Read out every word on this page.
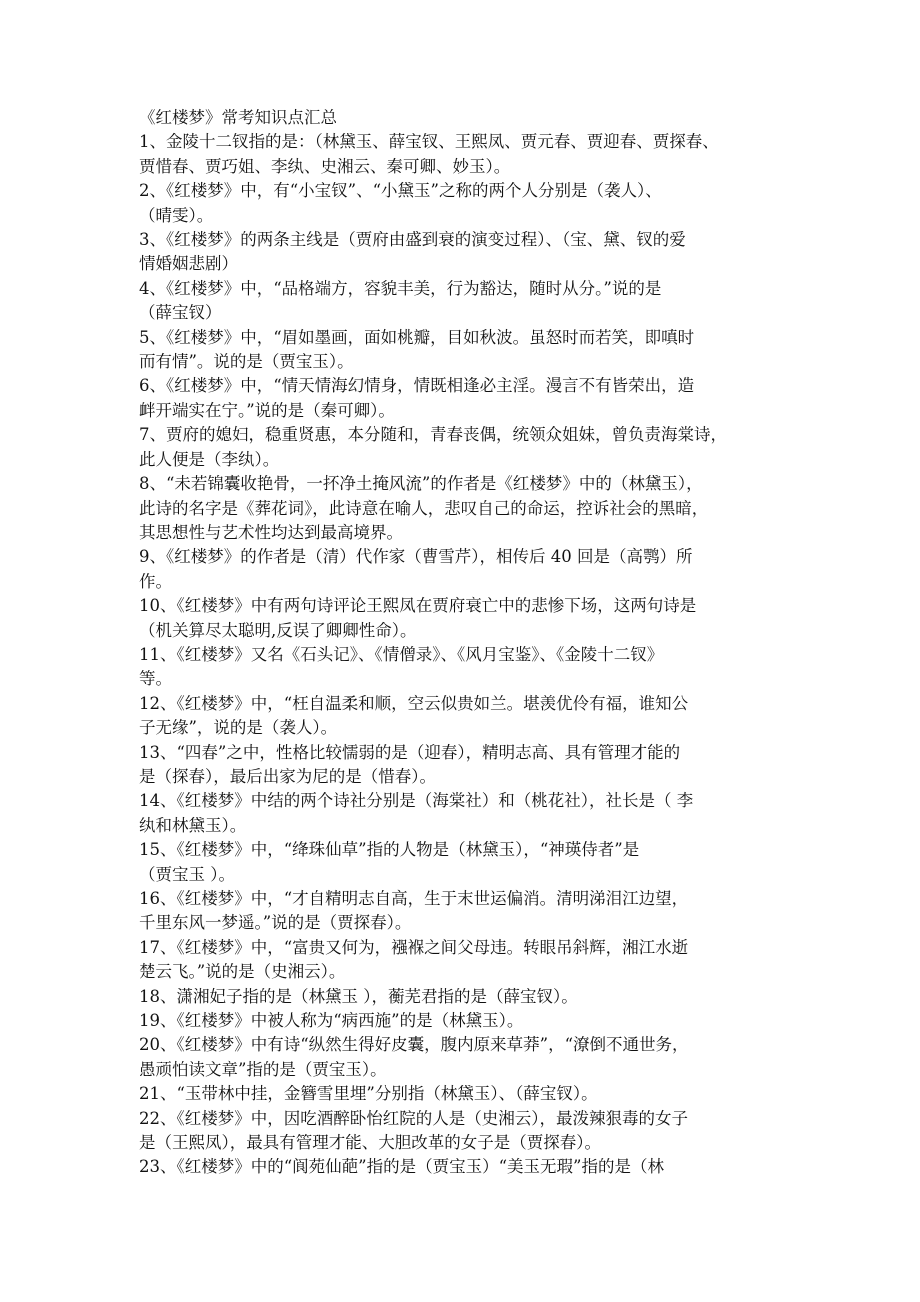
《红楼梦》常考知识点汇总

1、金陵十二钗指的是：（林黛玉、薛宝钗、王熙凤、贾元春、贾迎春、贾探春、
贾惜春、贾巧姐、李纨、史湘云、秦可卿、妙玉）。

2、《红楼梦》中，有“小宝钗”、“小黛玉”之称的两个人分别是（袭人）、
（晴雯）。

3、《红楼梦》的两条主线是（贾府由盛到衰的演变过程）、（宝、黛、钗的爱
情婚姻悲剧）

4、《红楼梦》中，“品格端方，容貌丰美，行为豁达，随时从分。”说的是
（薛宝钗）

5、《红楼梦》中，“眉如墨画，面如桃瓣，目如秋波。虽怒时而若笑，即嗔时
而有情”。说的是（贾宝玉）。

6、《红楼梦》中，“情天情海幻情身，情既相逢必主淫。漫言不有皆荣出，造
衅开端实在宁。”说的是（秦可卿）。

7、贾府的媳妇，稳重贤惠，本分随和，青春丧偶，统领众姐妹，曾负责海棠诗，
此人便是（李纨）。

8、“未若锦囊收艳骨，一抔净土掩风流”的作者是《红楼梦》中的（林黛玉），
此诗的名字是《葬花词》，此诗意在喻人，悲叹自己的命运，控诉社会的黑暗，
其思想性与艺术性均达到最高境界。

9、《红楼梦》的作者是（清）代作家（曹雪芹），相传后 40 回是（高鹗）所
作。

10、《红楼梦》中有两句诗评论王熙凤在贾府衰亡中的悲惨下场，这两句诗是
（机关算尽太聪明,反误了卿卿性命）。

11、《红楼梦》又名《石头记》、《情僧录》、《风月宝鉴》、《金陵十二钗》
等。

12、《红楼梦》中，“枉自温柔和顺，空云似贵如兰。堪羡优伶有福，谁知公
子无缘”，说的是（袭人）。

13、“四春”之中，性格比较懦弱的是（迎春），精明志高、具有管理才能的
是（探春），最后出家为尼的是（惜春）。

14、《红楼梦》中结的两个诗社分别是（海棠社）和（桃花社），社长是（ 李
纨和林黛玉）。

15、《红楼梦》中，“绛珠仙草”指的人物是（林黛玉），“神瑛侍者”是
（贾宝玉 ）。

16、《红楼梦》中，“才自精明志自高，生于末世运偏消。清明涕泪江边望，
千里东风一梦遥。”说的是（贾探春）。

17、《红楼梦》中，“富贵又何为，襁褓之间父母违。转眼吊斜辉，湘江水逝
楚云飞。”说的是（史湘云）。

18、潇湘妃子指的是（林黛玉 ），蘅芜君指的是（薛宝钗）。

19、《红楼梦》中被人称为“病西施”的是（林黛玉）。

20、《红楼梦》中有诗“纵然生得好皮囊，腹内原来草莽”，“潦倒不通世务，
愚顽怕读文章”指的是（贾宝玉）。

21、“玉带林中挂，金簪雪里埋”分别指（林黛玉）、（薛宝钗）。

22、《红楼梦》中，因吃酒醉卧怡红院的人是（史湘云），最泼辣狠毒的女子
是（王熙凤），最具有管理才能、大胆改革的女子是（贾探春）。

23、《红楼梦》中的“阆苑仙葩”指的是（贾宝玉）“美玉无瑕”指的是（林
